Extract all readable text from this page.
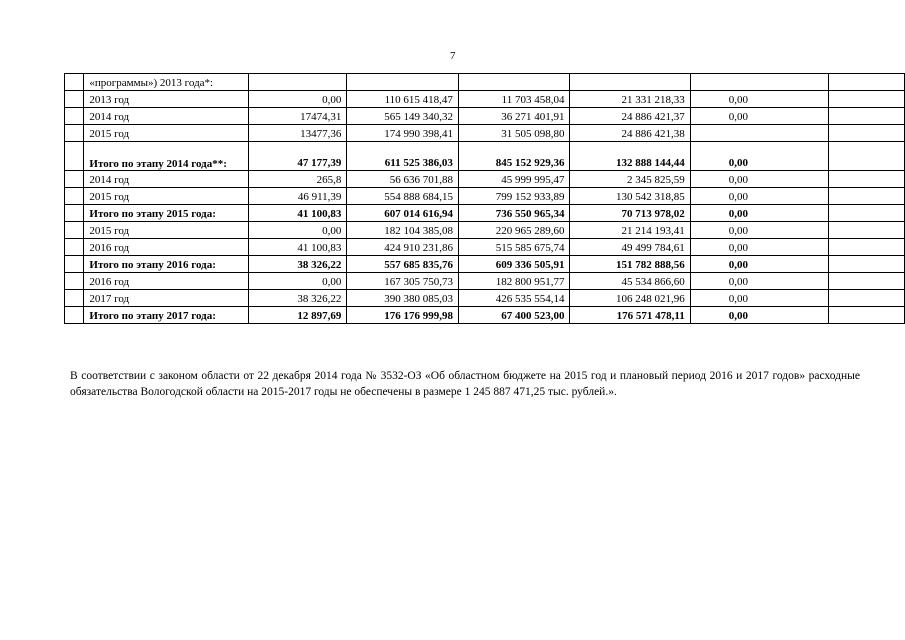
7
	«программы») 2013 года*:						
	2013 год	0,00	110 615 418,47	11 703 458,04	21 331 218,33	0,00	
	2014 год	17474,31	565 149 340,32	36 271 401,91	24 886 421,37	0,00	
	2015 год	13477,36	174 990 398,41	31 505 098,80	24 886 421,38		
	Итого по этапу 2014 года**:	47 177,39	611 525 386,03	845 152 929,36	132 888 144,44	0,00	
	2014 год	265,8	56 636 701,88	45 999 995,47	2 345 825,59	0,00	
	2015 год	46 911,39	554 888 684,15	799 152 933,89	130 542 318,85	0,00	
	Итого по этапу 2015 года:	41 100,83	607 014 616,94	736 550 965,34	70 713 978,02	0,00	
	2015 год	0,00	182 104 385,08	220 965 289,60	21 214 193,41	0,00	
	2016 год	41 100,83	424 910 231,86	515 585 675,74	49 499 784,61	0,00	
	Итого по этапу 2016 года:	38 326,22	557 685 835,76	609 336 505,91	151 782 888,56	0,00	
	2016 год	0,00	167 305 750,73	182 800 951,77	45 534 866,60	0,00	
	2017 год	38 326,22	390 380 085,03	426 535 554,14	106 248 021,96	0,00	
	Итого по этапу 2017 года:	12 897,69	176 176 999,98	67 400 523,00	176 571 478,11	0,00	
В соответствии с законом области от 22 декабря 2014 года № 3532-ОЗ «Об областном бюджете на 2015 год и плановый период 2016 и 2017 годов» расходные обязательства Вологодской области на 2015-2017 годы не обеспечены в размере 1 245 887 471,25 тыс. рублей.».
